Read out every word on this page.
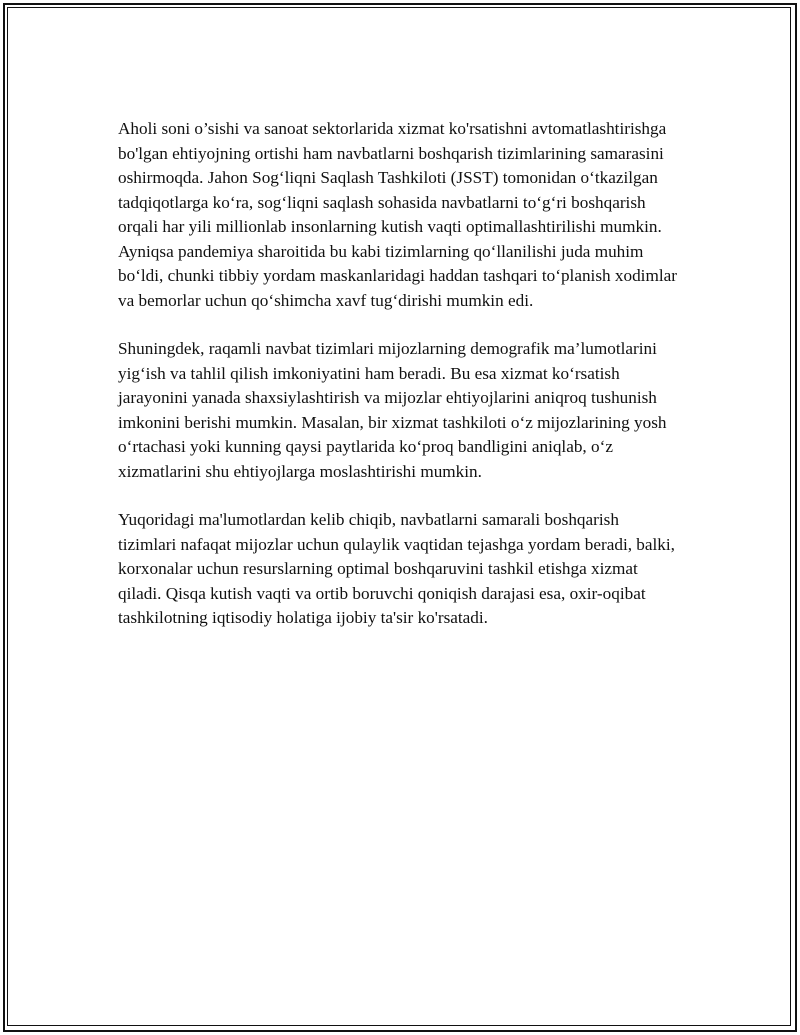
Aholi soni o’sishi va sanoat sektorlarida xizmat ko'rsatishni avtomatlashtirishga bo'lgan ehtiyojning ortishi ham navbatlarni boshqarish tizimlarining samarasini oshirmoqda. Jahon Sog‘liqni Saqlash Tashkiloti (JSST) tomonidan o‘tkazilgan tadqiqotlarga ko‘ra, sog‘liqni saqlash sohasida navbatlarni to‘g‘ri boshqarish orqali har yili millionlab insonlarning kutish vaqti optimallashtirilishi mumkin. Ayniqsa pandemiya sharoitida bu kabi tizimlarning qo‘llanilishi juda muhim bo‘ldi, chunki tibbiy yordam maskanlaridagi haddan tashqari to‘planish xodimlar va bemorlar uchun qo‘shimcha xavf tug‘dirishi mumkin edi.

Shuningdek, raqamli navbat tizimlari mijozlarning demografik ma’lumotlarini yig‘ish va tahlil qilish imkoniyatini ham beradi. Bu esa xizmat ko‘rsatish jarayonini yanada shaxsiylashtirish va mijozlar ehtiyojlarini aniqroq tushunish imkonini berishi mumkin. Masalan, bir xizmat tashkiloti o‘z mijozlarining yosh o‘rtachasi yoki kunning qaysi paytlarida ko‘proq bandligini aniqlab, o‘z xizmatlarini shu ehtiyojlarga moslashtirishi mumkin.

Yuqoridagi ma'lumotlardan kelib chiqib, navbatlarni samarali boshqarish tizimlari nafaqat mijozlar uchun qulaylik vaqtidan tejashga yordam beradi, balki, korxonalar uchun resurslarning optimal boshqaruvini tashkil etishga xizmat qiladi. Qisqa kutish vaqti va ortib boruvchi qoniqish darajasi esa, oxir-oqibat tashkilotning iqtisodiy holatiga ijobiy ta'sir ko'rsatadi.
